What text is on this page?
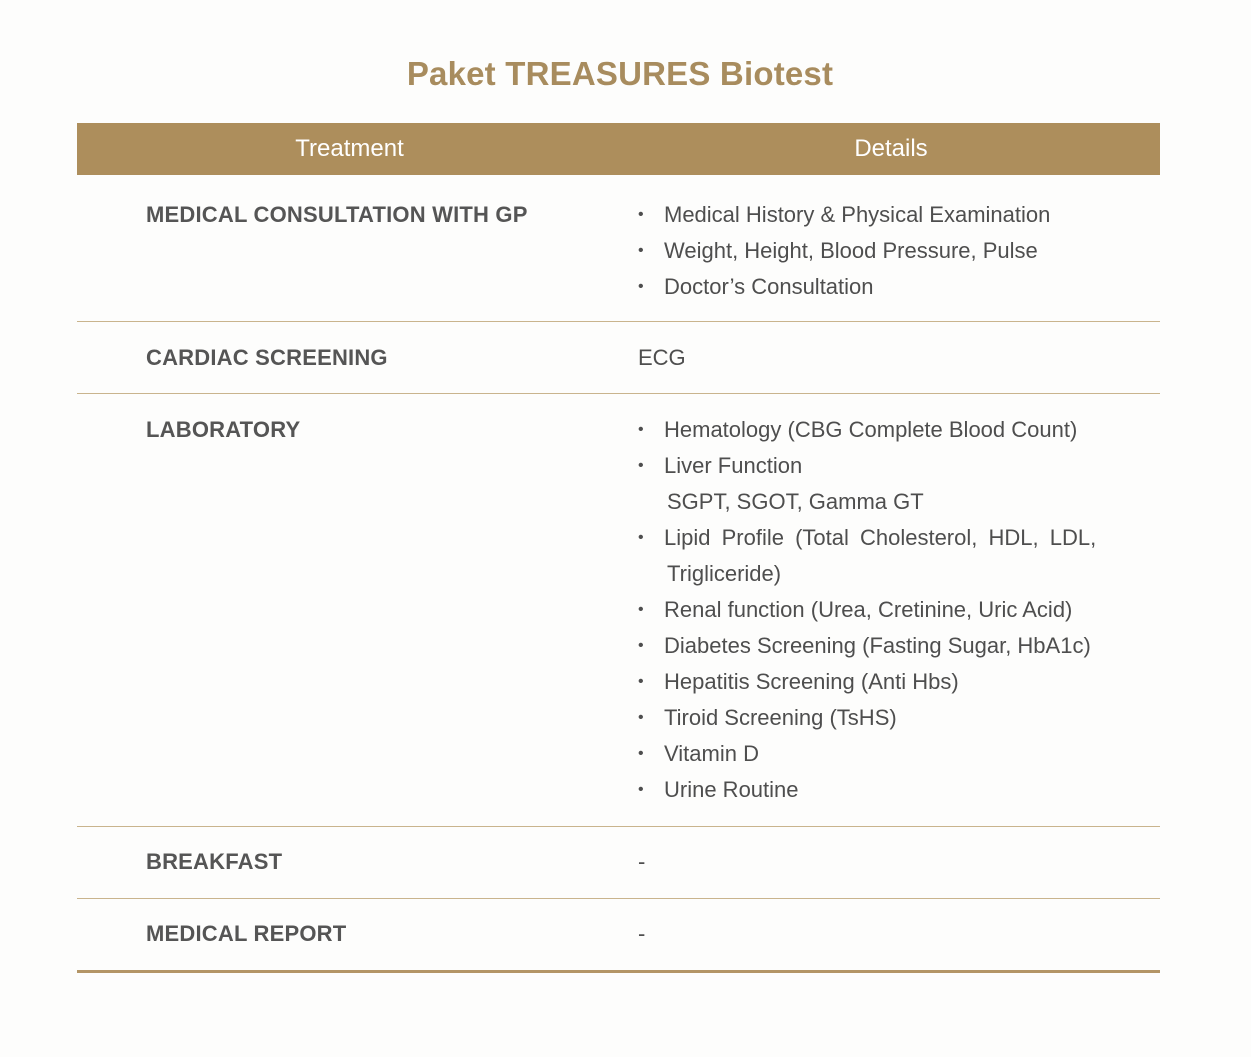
Paket TREASURES Biotest
Treatment	Details
MEDICAL CONSULTATION WITH GP	• Medical History & Physical Examination
• Weight, Height, Blood Pressure, Pulse
• Doctor’s Consultation
CARDIAC SCREENING	ECG
LABORATORY	• Hematology (CBG Complete Blood Count)
• Liver Function
SGPT, SGOT, Gamma GT
• Lipid Profile (Total Cholesterol, HDL, LDL,
Trigliceride)
• Renal function (Urea, Cretinine, Uric Acid)
• Diabetes Screening (Fasting Sugar, HbA1c)
• Hepatitis Screening (Anti Hbs)
• Tiroid Screening (TsHS)
• Vitamin D
• Urine Routine
BREAKFAST	-
MEDICAL REPORT	-
